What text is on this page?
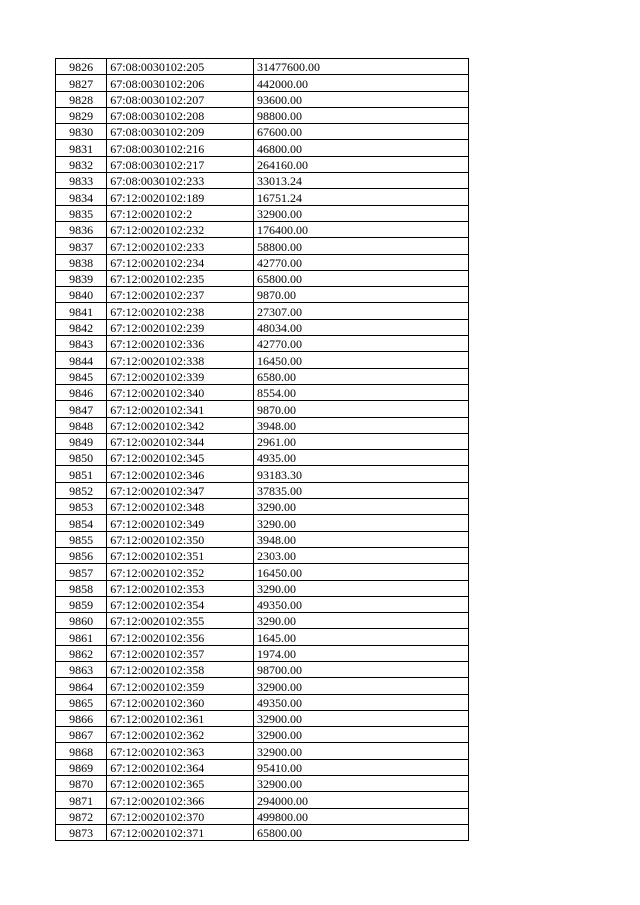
9826	67:08:0030102:205	31477600.00
9827	67:08:0030102:206	442000.00
9828	67:08:0030102:207	93600.00
9829	67:08:0030102:208	98800.00
9830	67:08:0030102:209	67600.00
9831	67:08:0030102:216	46800.00
9832	67:08:0030102:217	264160.00
9833	67:08:0030102:233	33013.24
9834	67:12:0020102:189	16751.24
9835	67:12:0020102:2	32900.00
9836	67:12:0020102:232	176400.00
9837	67:12:0020102:233	58800.00
9838	67:12:0020102:234	42770.00
9839	67:12:0020102:235	65800.00
9840	67:12:0020102:237	9870.00
9841	67:12:0020102:238	27307.00
9842	67:12:0020102:239	48034.00
9843	67:12:0020102:336	42770.00
9844	67:12:0020102:338	16450.00
9845	67:12:0020102:339	6580.00
9846	67:12:0020102:340	8554.00
9847	67:12:0020102:341	9870.00
9848	67:12:0020102:342	3948.00
9849	67:12:0020102:344	2961.00
9850	67:12:0020102:345	4935.00
9851	67:12:0020102:346	93183.30
9852	67:12:0020102:347	37835.00
9853	67:12:0020102:348	3290.00
9854	67:12:0020102:349	3290.00
9855	67:12:0020102:350	3948.00
9856	67:12:0020102:351	2303.00
9857	67:12:0020102:352	16450.00
9858	67:12:0020102:353	3290.00
9859	67:12:0020102:354	49350.00
9860	67:12:0020102:355	3290.00
9861	67:12:0020102:356	1645.00
9862	67:12:0020102:357	1974.00
9863	67:12:0020102:358	98700.00
9864	67:12:0020102:359	32900.00
9865	67:12:0020102:360	49350.00
9866	67:12:0020102:361	32900.00
9867	67:12:0020102:362	32900.00
9868	67:12:0020102:363	32900.00
9869	67:12:0020102:364	95410.00
9870	67:12:0020102:365	32900.00
9871	67:12:0020102:366	294000.00
9872	67:12:0020102:370	499800.00
9873	67:12:0020102:371	65800.00
